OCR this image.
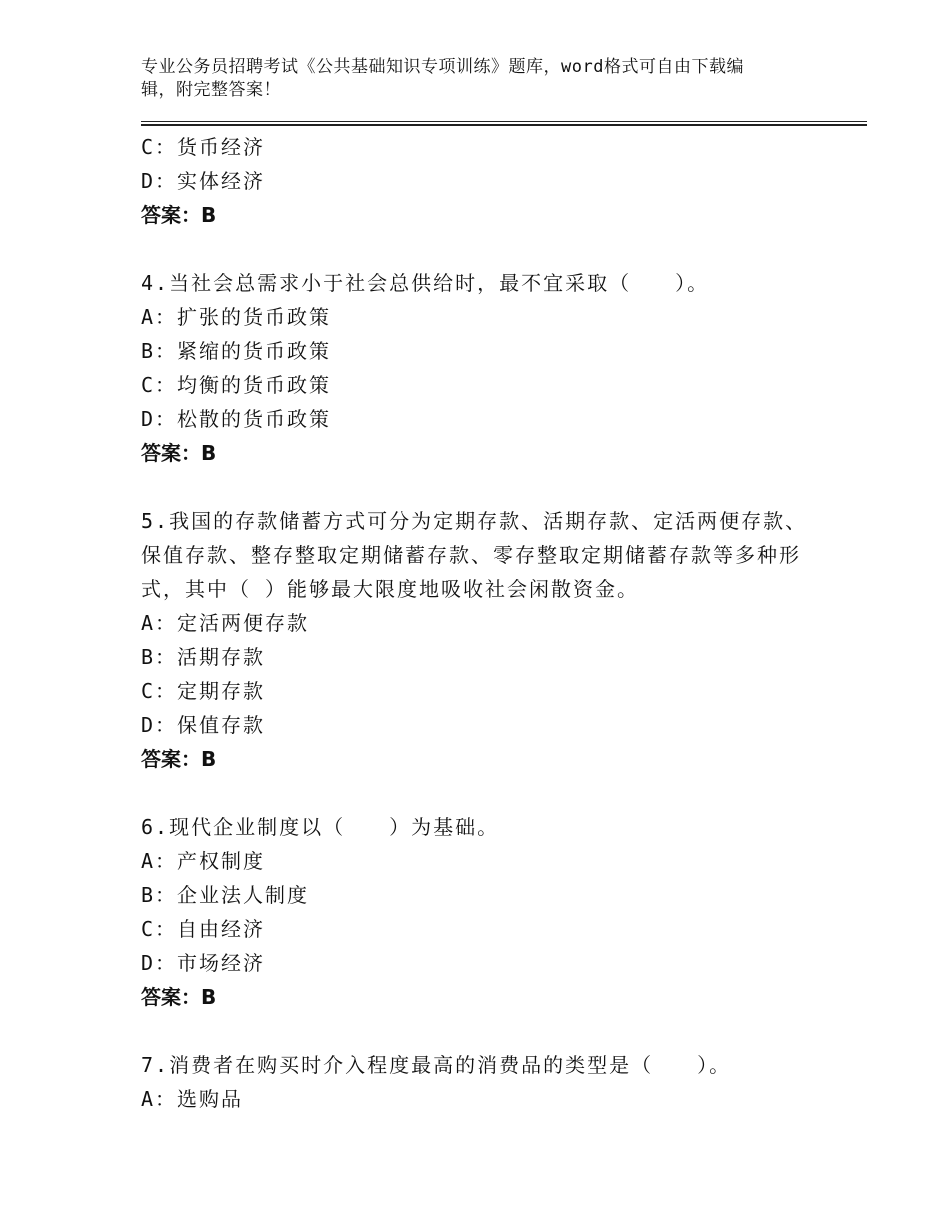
专业公务员招聘考试《公共基础知识专项训练》题库，word格式可自由下载编
辑，附完整答案！
C：货币经济
D：实体经济
答案：B
4.当社会总需求小于社会总供给时，最不宜采取（　　）。
A：扩张的货币政策
B：紧缩的货币政策
C：均衡的货币政策
D：松散的货币政策
答案：B
5.我国的存款储蓄方式可分为定期存款、活期存款、定活两便存款、
保值存款、整存整取定期储蓄存款、零存整取定期储蓄存款等多种形
式，其中（ ）能够最大限度地吸收社会闲散资金。
A：定活两便存款
B：活期存款
C：定期存款
D：保值存款
答案：B
6.现代企业制度以（　　）为基础。
A：产权制度
B：企业法人制度
C：自由经济
D：市场经济
答案：B
7.消费者在购买时介入程度最高的消费品的类型是（　　）。
A：选购品
